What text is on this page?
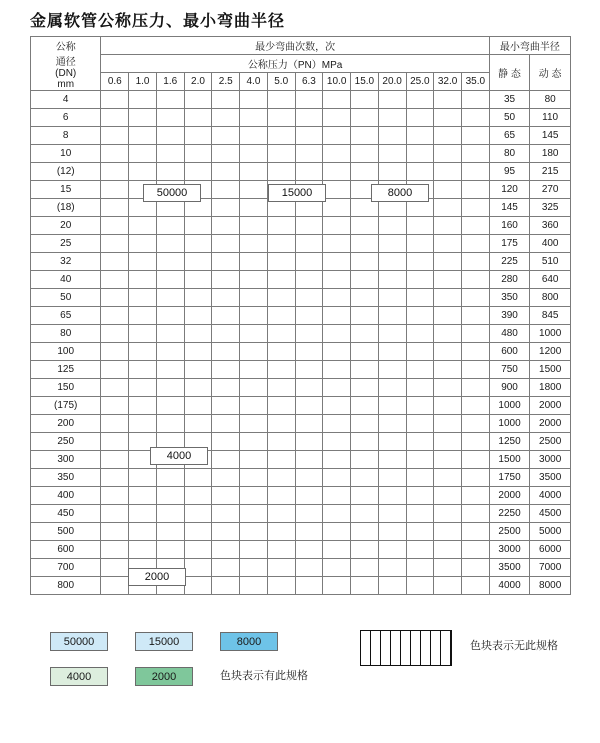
金属软管公称压力、最小弯曲半径
公称
通径
(DN)
mm	最少弯曲次数，次														最小弯曲半径	
	公称压力（PN）MPa														静 态	动 态
	0.6	1.0	1.6	2.0	2.5	4.0	5.0	6.3	10.0	15.0	20.0	25.0	32.0	35.0		
4															35	80
6															50	110
8															65	145
10															80	180
(12)															95	215
15															120	270
(18)															145	325
20															160	360
25															175	400
32															225	510
40															280	640
50															350	800
65															390	845
80															480	1000
100															600	1200
125															750	1500
150															900	1800
(175)															1000	2000
200															1000	2000
250															1250	2500
300															1500	3000
350															1750	3500
400															2000	4000
450															2250	4500
500															2500	5000
600															3000	6000
700															3500	7000
800															4000	8000
50000	15000	8000
4000
2000
50000	15000	8000	色块表示无此规格
4000	2000	色块表示有此规格
